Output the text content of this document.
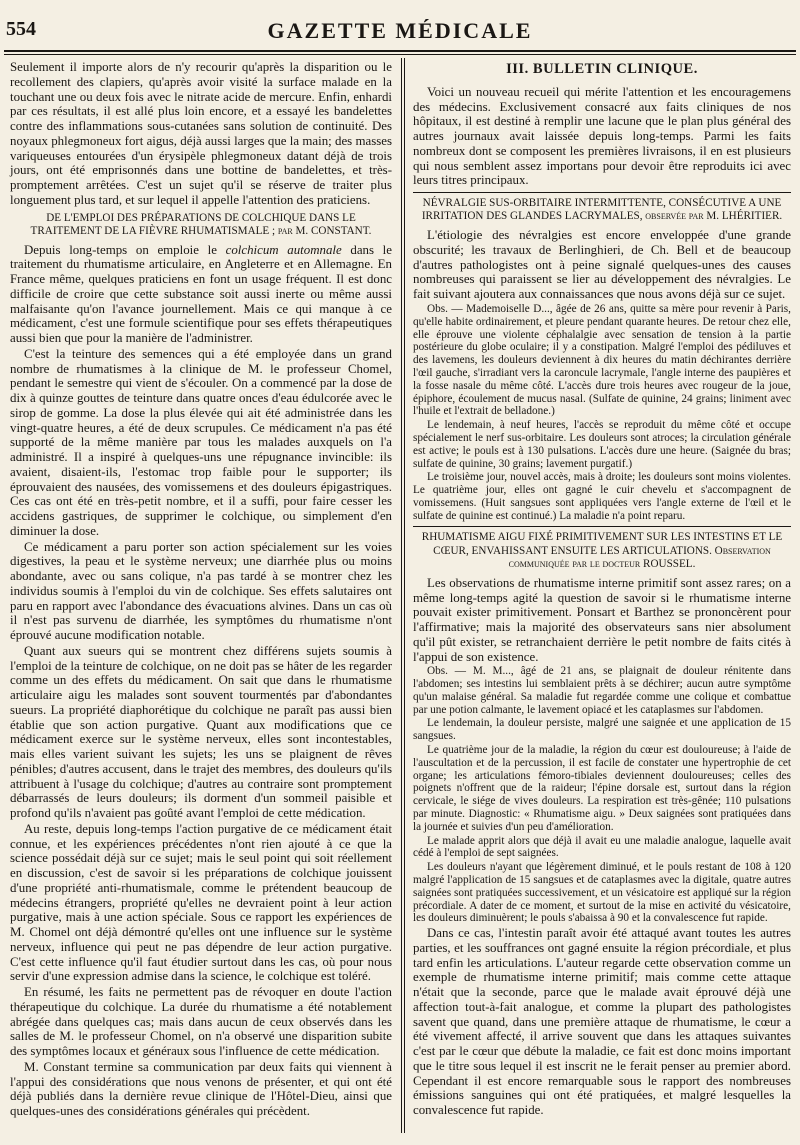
554	GAZETTE MÉDICALE

Seulement il importe alors de n'y recourir qu'après la disparition ou le recollement des clapiers, qu'après avoir visité la surface malade en la touchant une ou deux fois avec le nitrate acide de mercure. Enfin, enhardi par ces résultats, il est allé plus loin encore, et a essayé les bandelettes contre des inflammations sous-cutanées sans solution de continuité. Des noyaux phlegmoneux fort aigus, déjà aussi larges que la main; des masses variqueuses entourées d'un érysipèle phlegmoneux datant déjà de trois jours, ont été emprisonnés dans une bottine de bandelettes, et très-promptement arrêtées. C'est un sujet qu'il se réserve de traiter plus longuement plus tard, et sur lequel il appelle l'attention des praticiens.

DE L'EMPLOI DES PRÉPARATIONS DE COLCHIQUE DANS LE TRAITEMENT DE LA FIÈVRE RHUMATISMALE ; par M. CONSTANT.

Depuis long-temps on emploie le colchicum automnale dans le traitement du rhumatisme articulaire, en Angleterre et en Allemagne. En France même, quelques praticiens en font un usage fréquent. Il est donc difficile de croire que cette substance soit aussi inerte ou même aussi malfaisante qu'on l'avance journellement. Mais ce qui manque à ce médicament, c'est une formule scientifique pour ses effets thérapeutiques aussi bien que pour la manière de l'administrer.

C'est la teinture des semences qui a été employée dans un grand nombre de rhumatismes à la clinique de M. le professeur Chomel, pendant le semestre qui vient de s'écouler. On a commencé par la dose de dix à quinze gouttes de teinture dans quatre onces d'eau édulcorée avec le sirop de gomme. La dose la plus élevée qui ait été administrée dans les vingt-quatre heures, a été de deux scrupules. Ce médicament n'a pas été supporté de la même manière par tous les malades auxquels on l'a administré. Il a inspiré à quelques-uns une répugnance invincible: ils avaient, disaient-ils, l'estomac trop faible pour le supporter; ils éprouvaient des nausées, des vomissemens et des douleurs épigastriques. Ces cas ont été en très-petit nombre, et il a suffi, pour faire cesser les accidens gastriques, de supprimer le colchique, ou simplement d'en diminuer la dose.

Ce médicament a paru porter son action spécialement sur les voies digestives, la peau et le système nerveux; une diarrhée plus ou moins abondante, avec ou sans colique, n'a pas tardé à se montrer chez les individus soumis à l'emploi du vin de colchique. Ses effets salutaires ont paru en rapport avec l'abondance des évacuations alvines. Dans un cas où il n'est pas survenu de diarrhée, les symptômes du rhumatisme n'ont éprouvé aucune modification notable.

Quant aux sueurs qui se montrent chez différens sujets soumis à l'emploi de la teinture de colchique, on ne doit pas se hâter de les regarder comme un des effets du médicament. On sait que dans le rhumatisme articulaire aigu les malades sont souvent tourmentés par d'abondantes sueurs. La propriété diaphorétique du colchique ne paraît pas aussi bien établie que son action purgative. Quant aux modifications que ce médicament exerce sur le système nerveux, elles sont incontestables, mais elles varient suivant les sujets; les uns se plaignent de rêves pénibles; d'autres accusent, dans le trajet des membres, des douleurs qu'ils attribuent à l'usage du colchique; d'autres au contraire sont promptement débarrassés de leurs douleurs; ils dorment d'un sommeil paisible et profond qu'ils n'avaient pas goûté avant l'emploi de cette médication.

Au reste, depuis long-temps l'action purgative de ce médicament était connue, et les expériences précédentes n'ont rien ajouté à ce que la science possédait déjà sur ce sujet; mais le seul point qui soit réellement en discussion, c'est de savoir si les préparations de colchique jouissent d'une propriété anti-rhumatismale, comme le prétendent beaucoup de médecins étrangers, propriété qu'elles ne devraient point à leur action purgative, mais à une action spéciale. Sous ce rapport les expériences de M. Chomel ont déjà démontré qu'elles ont une influence sur le système nerveux, influence qui peut ne pas dépendre de leur action purgative. C'est cette influence qu'il faut étudier surtout dans les cas, où pour nous servir d'une expression admise dans la science, le colchique est toléré.

En résumé, les faits ne permettent pas de révoquer en doute l'action thérapeutique du colchique. La durée du rhumatisme a été notablement abrégée dans quelques cas; mais dans aucun de ceux observés dans les salles de M. le professeur Chomel, on n'a observé une disparition subite des symptômes locaux et généraux sous l'influence de cette médication.

M. Constant termine sa communication par deux faits qui viennent à l'appui des considérations que nous venons de présenter, et qui ont été déjà publiés dans la dernière revue clinique de l'Hôtel-Dieu, ainsi que quelques-unes des considérations générales qui précèdent.

III. BULLETIN CLINIQUE.

Voici un nouveau recueil qui mérite l'attention et les encouragemens des médecins. Exclusivement consacré aux faits cliniques de nos hôpitaux, il est destiné à remplir une lacune que le plan plus général des autres journaux avait laissée depuis long-temps. Parmi les faits nombreux dont se composent les premières livraisons, il en est plusieurs qui nous semblent assez importans pour devoir être reproduits ici avec leurs titres principaux.

NÉVRALGIE SUS-ORBITAIRE INTERMITTENTE, CONSÉCUTIVE A UNE IRRITATION DES GLANDES LACRYMALES, observée par M. LHÉRITIER.

L'étiologie des névralgies est encore enveloppée d'une grande obscurité; les travaux de Berlinghieri, de Ch. Bell et de beaucoup d'autres pathologistes ont à peine signalé quelques-unes des causes nombreuses qui paraissent se lier au développement des névralgies. Le fait suivant ajoutera aux connaissances que nous avons déjà sur ce sujet.

Obs. — Mademoiselle D..., âgée de 26 ans, quitte sa mère pour revenir à Paris, qu'elle habite ordinairement, et pleure pendant quarante heures. De retour chez elle, elle éprouve une violente céphalalgie avec sensation de tension à la partie postérieure du globe oculaire; il y a constipation. Malgré l'emploi des pédiluves et des lavemens, les douleurs deviennent à dix heures du matin déchirantes derrière l'œil gauche, s'irradiant vers la caroncule lacrymale, l'angle interne des paupières et la fosse nasale du même côté. L'accès dure trois heures avec rougeur de la joue, épiphore, écoulement de mucus nasal. (Sulfate de quinine, 24 grains; liniment avec l'huile et l'extrait de belladone.)

Le lendemain, à neuf heures, l'accès se reproduit du même côté et occupe spécialement le nerf sus-orbitaire. Les douleurs sont atroces; la circulation générale est active; le pouls est à 130 pulsations. L'accès dure une heure. (Saignée du bras; sulfate de quinine, 30 grains; lavement purgatif.)

Le troisième jour, nouvel accès, mais à droite; les douleurs sont moins violentes. Le quatrième jour, elles ont gagné le cuir chevelu et s'accompagnent de vomissemens. (Huit sangsues sont appliquées vers l'angle externe de l'œil et le sulfate de quinine est continué.) La maladie n'a point reparu.

RHUMATISME AIGU FIXÉ PRIMITIVEMENT SUR LES INTESTINS ET LE CŒUR, ENVAHISSANT ENSUITE LES ARTICULATIONS. Observation communiquée par le docteur ROUSSEL.

Les observations de rhumatisme interne primitif sont assez rares; on a même long-temps agité la question de savoir si le rhumatisme interne pouvait exister primitivement. Ponsart et Barthez se prononcèrent pour l'affirmative; mais la majorité des observateurs sans nier absolument qu'il pût exister, se retranchaient derrière le petit nombre de faits cités à l'appui de son existence.

Obs. — M. M..., âgé de 21 ans, se plaignait de douleur rénitente dans l'abdomen; ses intestins lui semblaient prêts à se déchirer; aucun autre symptôme qu'un malaise général. Sa maladie fut regardée comme une colique et combattue par une potion calmante, le lavement opiacé et les cataplasmes sur l'abdomen.

Le lendemain, la douleur persiste, malgré une saignée et une application de 15 sangsues.

Le quatrième jour de la maladie, la région du cœur est douloureuse; à l'aide de l'auscultation et de la percussion, il est facile de constater une hypertrophie de cet organe; les articulations fémoro-tibiales deviennent douloureuses; celles des poignets n'offrent que de la raideur; l'épine dorsale est, surtout dans la région cervicale, le siége de vives douleurs. La respiration est très-gênée; 110 pulsations par minute. Diagnostic: « Rhumatisme aigu. » Deux saignées sont pratiquées dans la journée et suivies d'un peu d'amélioration.

Le malade apprit alors que déjà il avait eu une maladie analogue, laquelle avait cédé à l'emploi de sept saignées.

Les douleurs n'ayant que légèrement diminué, et le pouls restant de 108 à 120 malgré l'application de 15 sangsues et de cataplasmes avec la digitale, quatre autres saignées sont pratiquées successivement, et un vésicatoire est appliqué sur la région précordiale. A dater de ce moment, et surtout de la mise en activité du vésicatoire, les douleurs diminuèrent; le pouls s'abaissa à 90 et la convalescence fut rapide.

Dans ce cas, l'intestin paraît avoir été attaqué avant toutes les autres parties, et les souffrances ont gagné ensuite la région précordiale, et plus tard enfin les articulations. L'auteur regarde cette observation comme un exemple de rhumatisme interne primitif; mais comme cette attaque n'était que la seconde, parce que le malade avait éprouvé déjà une affection tout-à-fait analogue, et comme la plupart des pathologistes savent que quand, dans une première attaque de rhumatisme, le cœur a été vivement affecté, il arrive souvent que dans les attaques suivantes c'est par le cœur que débute la maladie, ce fait est donc moins important que le titre sous lequel il est inscrit ne le ferait penser au premier abord. Cependant il est encore remarquable sous le rapport des nombreuses émissions sanguines qui ont été pratiquées, et malgré lesquelles la convalescence fut rapide.
